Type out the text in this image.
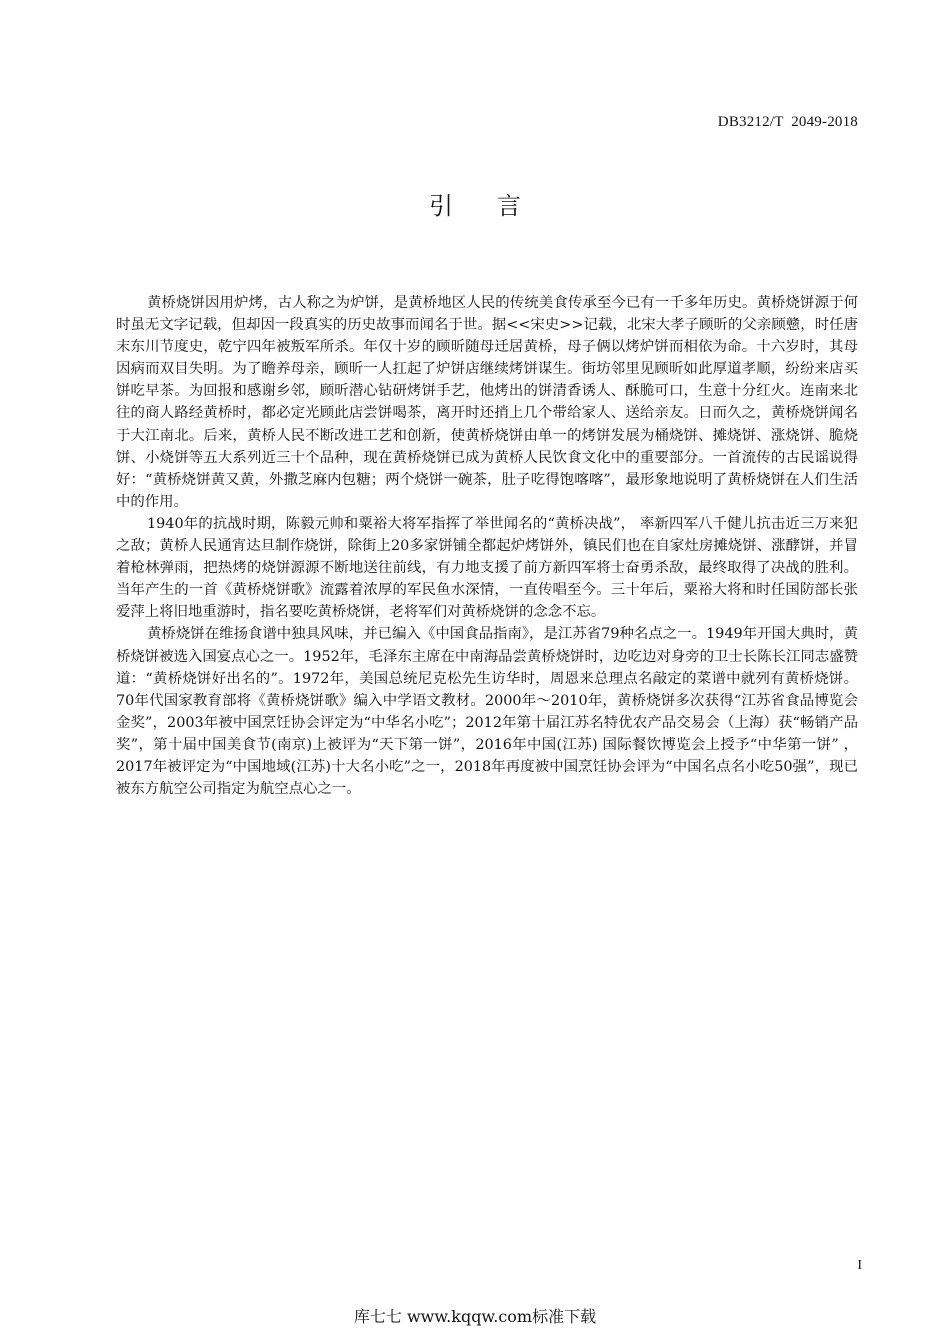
DB3212/T  2049-2018
引言

黄桥烧饼因用炉烤，古人称之为炉饼，是黄桥地区人民的传统美食传承至今已有一千多年历史。黄桥烧饼源于何时虽无文字记载，但却因一段真实的历史故事而闻名于世。据<<宋史>>记载，北宋大孝子顾昕的父亲顾戆，时任唐末东川节度史，乾宁四年被叛军所杀。年仅十岁的顾昕随母迁居黄桥，母子俩以烤炉饼而相依为命。十六岁时，其母因病而双目失明。为了瞻养母亲，顾昕一人扛起了炉饼店继续烤饼谋生。街坊邻里见顾昕如此厚道孝顺，纷纷来店买饼吃早茶。为回报和感谢乡邻，顾昕潜心钻研烤饼手艺，他烤出的饼清香诱人、酥脆可口，生意十分红火。连南来北往的商人路经黄桥时，都必定光顾此店尝饼喝茶，离开时还捎上几个带给家人、送给亲友。日而久之，黄桥烧饼闻名于大江南北。后来，黄桥人民不断改进工艺和创新，使黄桥烧饼由单一的烤饼发展为桶烧饼、摊烧饼、涨烧饼、脆烧饼、小烧饼等五大系列近三十个品种，现在黄桥烧饼已成为黄桥人民饮食文化中的重要部分。一首流传的古民谣说得好：“黄桥烧饼黄又黄，外撒芝麻内包糖；两个烧饼一碗茶，肚子吃得饱喀喀”，最形象地说明了黄桥烧饼在人们生活中的作用。

1940年的抗战时期，陈毅元帅和粟裕大将军指挥了举世闻名的“黄桥决战”， 率新四军八千健儿抗击近三万来犯之敌；黄桥人民通宵达旦制作烧饼，除街上20多家饼铺全都起炉烤饼外，镇民们也在自家灶房摊烧饼、涨酵饼，并冒着枪林弹雨，把热烤的烧饼源源不断地送往前线，有力地支援了前方新四军将士奋勇杀敌，最终取得了决战的胜利。当年产生的一首《黄桥烧饼歌》流露着浓厚的军民鱼水深情，一直传唱至今。三十年后，粟裕大将和时任国防部长张爱萍上将旧地重游时，指名要吃黄桥烧饼，老将军们对黄桥烧饼的念念不忘。

黄桥烧饼在维扬食谱中独具风味，并已编入《中国食品指南》，是江苏省79种名点之一。1949年开国大典时，黄桥烧饼被选入国宴点心之一。1952年，毛泽东主席在中南海品尝黄桥烧饼时，边吃边对身旁的卫士长陈长江同志盛赞道：“黄桥烧饼好出名的”。1972年，美国总统尼克松先生访华时，周恩来总理点名敲定的菜谱中就列有黄桥烧饼。70年代国家教育部将《黄桥烧饼歌》编入中学语文教材。2000年～2010年，黄桥烧饼多次获得“江苏省食品博览会金奖”，2003年被中国烹饪协会评定为“中华名小吃”；2012年第十届江苏名特优农产品交易会（上海）获“畅销产品奖”，第十届中国美食节(南京)上被评为“天下第一饼”，2016年中国(江苏) 国际餐饮博览会上授予“中华第一饼” ，2017年被评定为“中国地域(江苏)十大名小吃”之一，2018年再度被中国烹饪协会评为“中国名点名小吃50强”，现已被东方航空公司指定为航空点心之一。

I
库七七 www.kqqw.com标准下载
